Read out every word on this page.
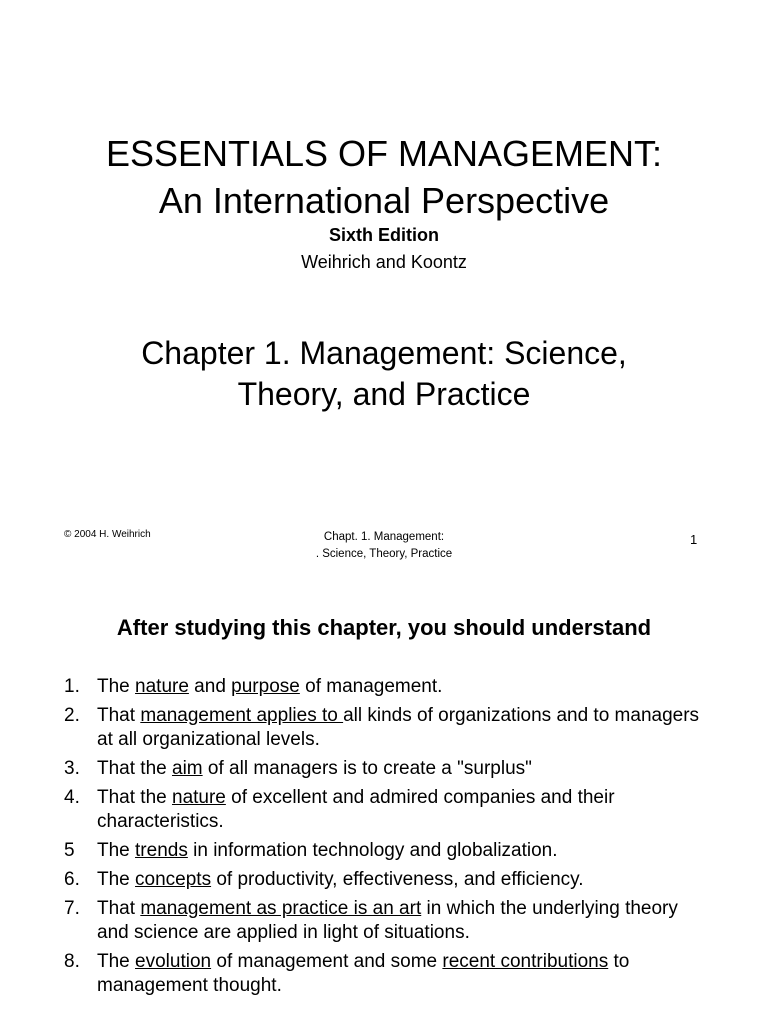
ESSENTIALS OF MANAGEMENT:
An International Perspective
Sixth Edition
Weihrich and Koontz
Chapter 1. Management: Science,
Theory, and Practice
© 2004 H. Weihrich	Chapt. 1. Management:
. Science, Theory, Practice
1
After studying this chapter, you should understand
1. The nature and purpose of management.
2. That management applies to all kinds of organizations and to managers at all organizational levels.
3. That the aim of all managers is to create a "surplus"
4. That the nature of excellent and admired companies and their characteristics.
5 The trends in information technology and globalization.
6. The concepts of productivity, effectiveness, and efficiency.
7. That management as practice is an art in which the underlying theory and science are applied in light of situations.
8. The evolution of management and some recent contributions to management thought.
